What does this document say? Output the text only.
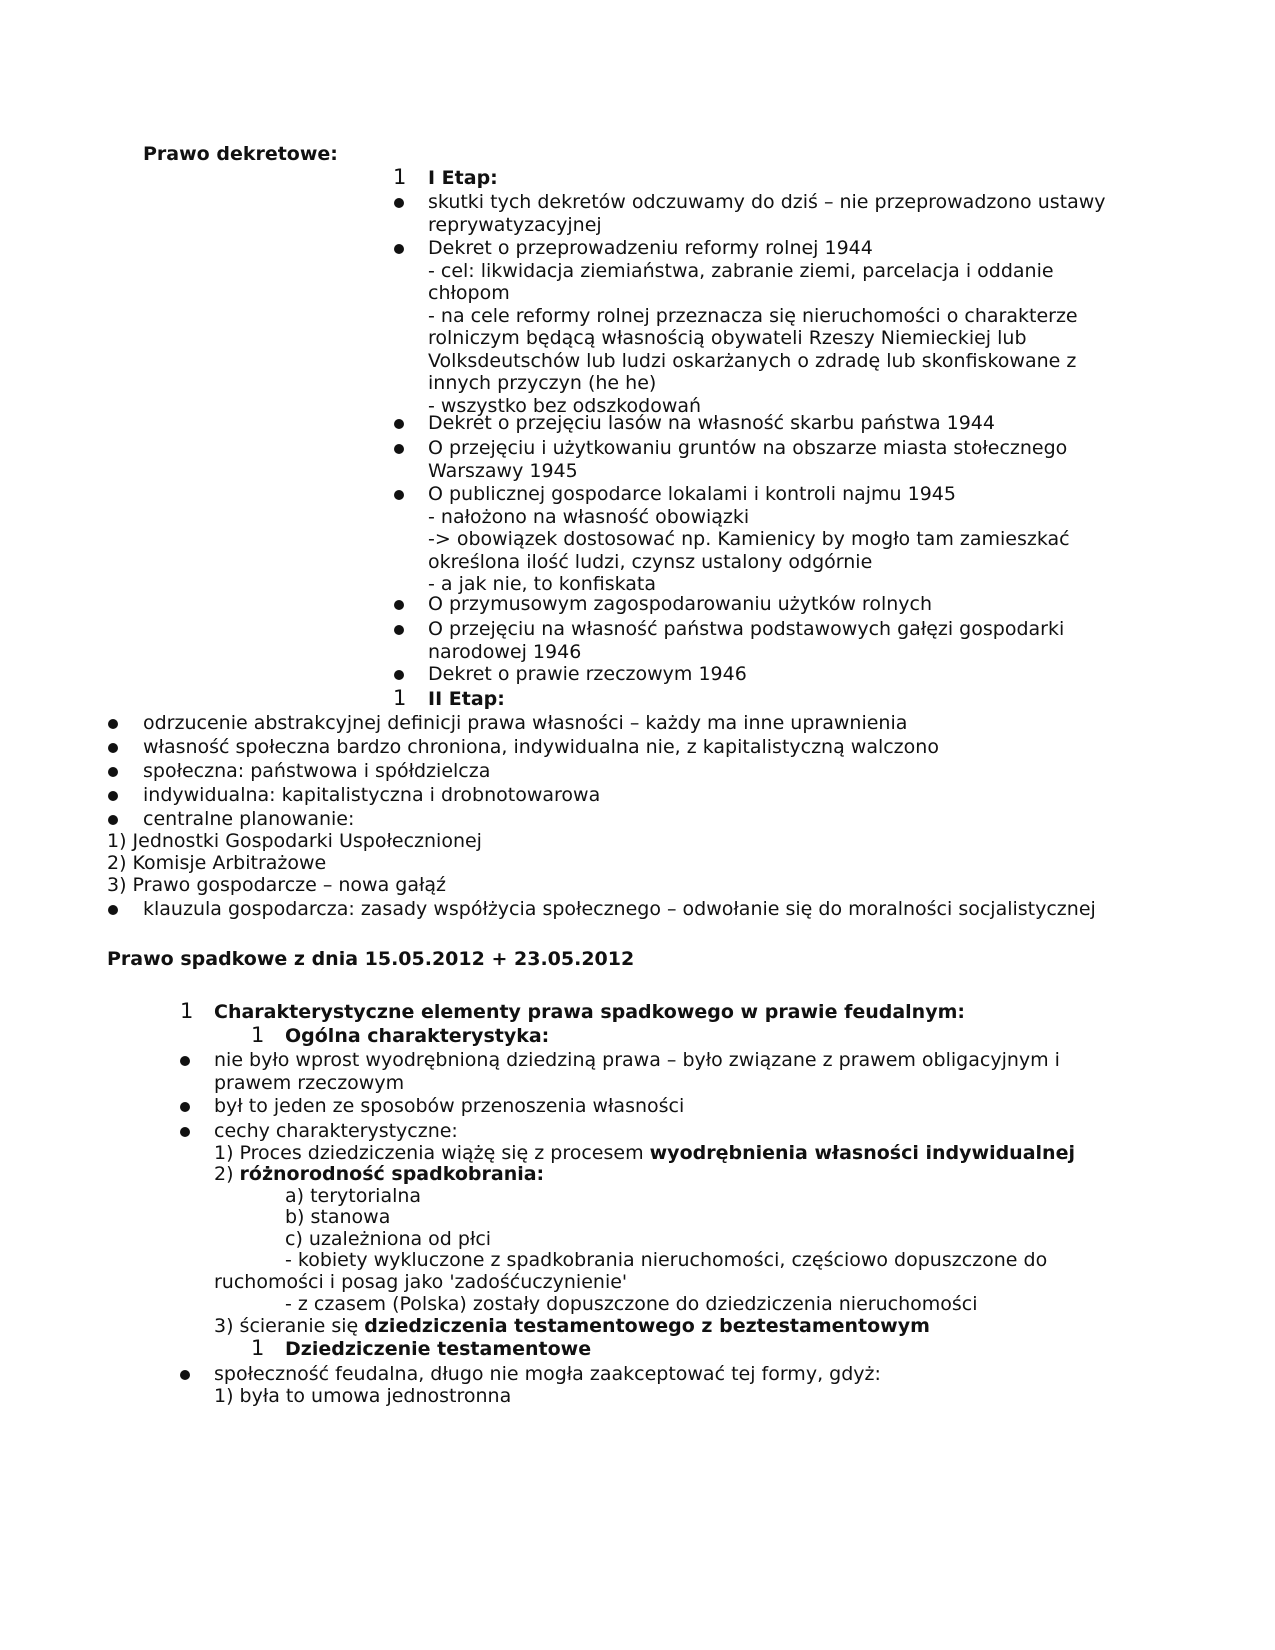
Prawo dekretowe:
1 I Etap:
skutki tych dekretów odczuwamy do dziś – nie przeprowadzono ustawy
reprywatyzacyjnej
Dekret o przeprowadzeniu reformy rolnej 1944
- cel: likwidacja ziemiaństwa, zabranie ziemi, parcelacja i oddanie
chłopom
- na cele reformy rolnej przeznacza się nieruchomości o charakterze
rolniczym będącą własnością obywateli Rzeszy Niemieckiej lub
Volksdeutschów lub ludzi oskarżanych o zdradę lub skonfiskowane z
innych przyczyn (he he)
- wszystko bez odszkodowań
Dekret o przejęciu lasów na własność skarbu państwa 1944
O przejęciu i użytkowaniu gruntów na obszarze miasta stołecznego
Warszawy 1945
O publicznej gospodarce lokalami i kontroli najmu 1945
- nałożono na własność obowiązki
-> obowiązek dostosować np. Kamienicy by mogło tam zamieszkać
określona ilość ludzi, czynsz ustalony odgórnie
- a jak nie, to konfiskata
O przymusowym zagospodarowaniu użytków rolnych
O przejęciu na własność państwa podstawowych gałęzi gospodarki
narodowej 1946
Dekret o prawie rzeczowym 1946
1 II Etap:
odrzucenie abstrakcyjnej definicji prawa własności – każdy ma inne uprawnienia
własność społeczna bardzo chroniona, indywidualna nie, z kapitalistyczną walczono
społeczna: państwowa i spółdzielcza
indywidualna: kapitalistyczna i drobnotowarowa
centralne planowanie:
1) Jednostki Gospodarki Uspołecznionej
2) Komisje Arbitrażowe
3) Prawo gospodarcze – nowa gałąź
klauzula gospodarcza: zasady współżycia społecznego – odwołanie się do moralności socjalistycznej
Prawo spadkowe z dnia 15.05.2012 + 23.05.2012
1 Charakterystyczne elementy prawa spadkowego w prawie feudalnym:
1 Ogólna charakterystyka:
nie było wprost wyodrębnioną dziedziną prawa – było związane z prawem obligacyjnym i
prawem rzeczowym
był to jeden ze sposobów przenoszenia własności
cechy charakterystyczne:
1) Proces dziedziczenia wiążę się z procesem wyodrębnienia własności indywidualnej
2) różnorodność spadkobrania:
a) terytorialna
b) stanowa
c) uzależniona od płci
- kobiety wykluczone z spadkobrania nieruchomości, częściowo dopuszczone do
ruchomości i posag jako 'zadośćuczynienie'
- z czasem (Polska) zostały dopuszczone do dziedziczenia nieruchomości
3) ścieranie się dziedziczenia testamentowego z beztestamentowym
1 Dziedziczenie testamentowe
społeczność feudalna, długo nie mogła zaakceptować tej formy, gdyż:
1) była to umowa jednostronna
